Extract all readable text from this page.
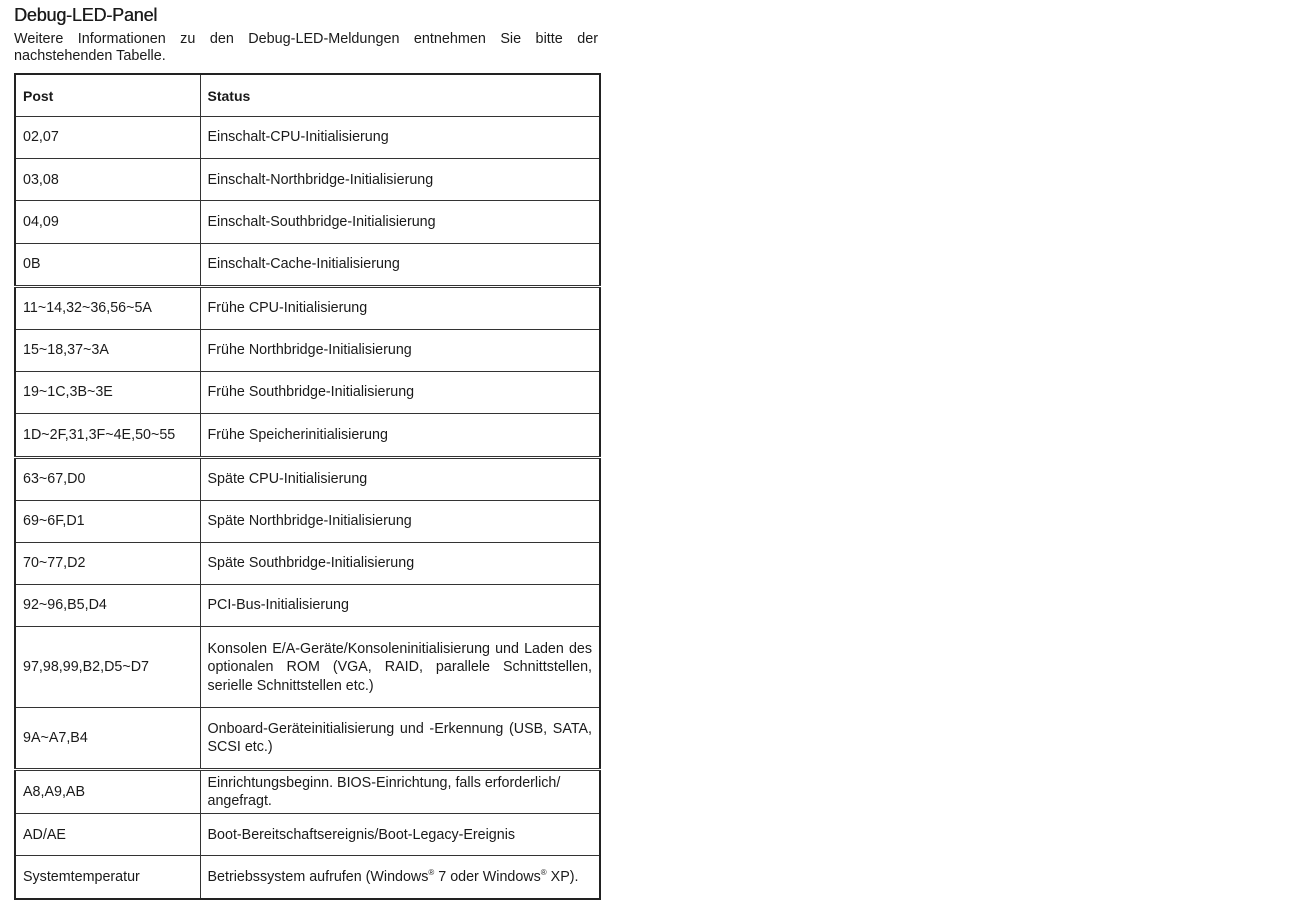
Debug-LED-Panel

Weitere Informationen zu den Debug-LED-Meldungen entnehmen Sie bitte der nachstehenden Tabelle.

Post	Status
02,07	Einschalt-CPU-Initialisierung
03,08	Einschalt-Northbridge-Initialisierung
04,09	Einschalt-Southbridge-Initialisierung
0B	Einschalt-Cache-Initialisierung
11~14,32~36,56~5A	Frühe CPU-Initialisierung
15~18,37~3A	Frühe Northbridge-Initialisierung
19~1C,3B~3E	Frühe Southbridge-Initialisierung
1D~2F,31,3F~4E,50~55	Frühe Speicherinitialisierung
63~67,D0	Späte CPU-Initialisierung
69~6F,D1	Späte Northbridge-Initialisierung
70~77,D2	Späte Southbridge-Initialisierung
92~96,B5,D4	PCI-Bus-Initialisierung
97,98,99,B2,D5~D7	Konsolen E/A-Geräte/Konsoleninitialisierung und Laden des optionalen ROM (VGA, RAID, parallele Schnittstellen, serielle Schnittstellen etc.)
9A~A7,B4	Onboard-Geräteinitialisierung und -Erkennung (USB, SATA, SCSI etc.)
A8,A9,AB	Einrichtungsbeginn. BIOS-Einrichtung, falls erforderlich/ angefragt.
AD/AE	Boot-Bereitschaftsereignis/Boot-Legacy-Ereignis
Systemtemperatur	Betriebssystem aufrufen (Windows® 7 oder Windows® XP).
